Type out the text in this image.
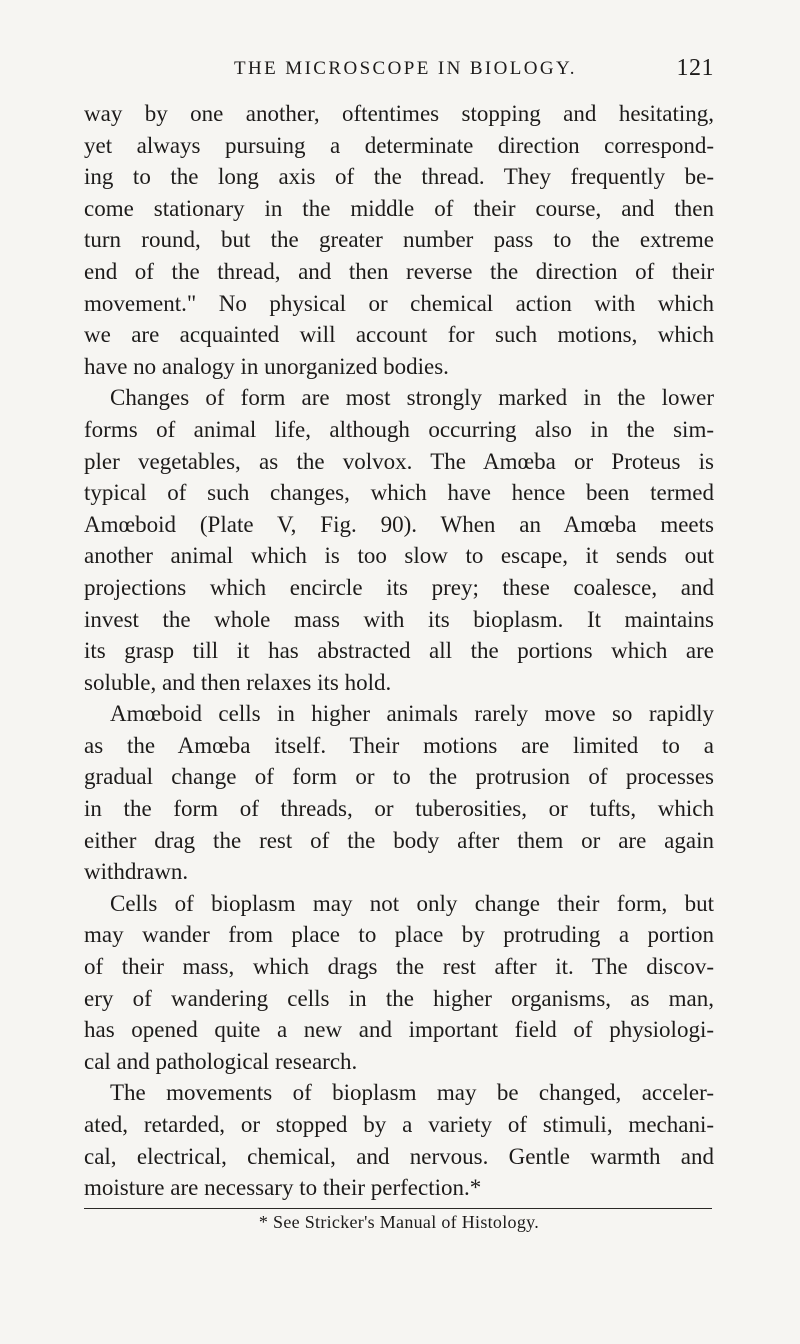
THE MICROSCOPE IN BIOLOGY.	121
way by one another, oftentimes stopping and hesitating,
yet always pursuing a determinate direction correspond-
ing to the long axis of the thread. They frequently be-
come stationary in the middle of their course, and then
turn round, but the greater number pass to the extreme
end of the thread, and then reverse the direction of their
movement." No physical or chemical action with which
we are acquainted will account for such motions, which
have no analogy in unorganized bodies.
Changes of form are most strongly marked in the lower
forms of animal life, although occurring also in the sim-
pler vegetables, as the volvox. The Amœba or Proteus is
typical of such changes, which have hence been termed
Amœboid (Plate V, Fig. 90). When an Amœba meets
another animal which is too slow to escape, it sends out
projections which encircle its prey; these coalesce, and
invest the whole mass with its bioplasm. It maintains
its grasp till it has abstracted all the portions which are
soluble, and then relaxes its hold.
Amœboid cells in higher animals rarely move so rapidly
as the Amœba itself. Their motions are limited to a
gradual change of form or to the protrusion of processes
in the form of threads, or tuberosities, or tufts, which
either drag the rest of the body after them or are again
withdrawn.
Cells of bioplasm may not only change their form, but
may wander from place to place by protruding a portion
of their mass, which drags the rest after it. The discov-
ery of wandering cells in the higher organisms, as man,
has opened quite a new and important field of physiologi-
cal and pathological research.
The movements of bioplasm may be changed, acceler-
ated, retarded, or stopped by a variety of stimuli, mechani-
cal, electrical, chemical, and nervous. Gentle warmth and
moisture are necessary to their perfection.*
* See Stricker's Manual of Histology.
